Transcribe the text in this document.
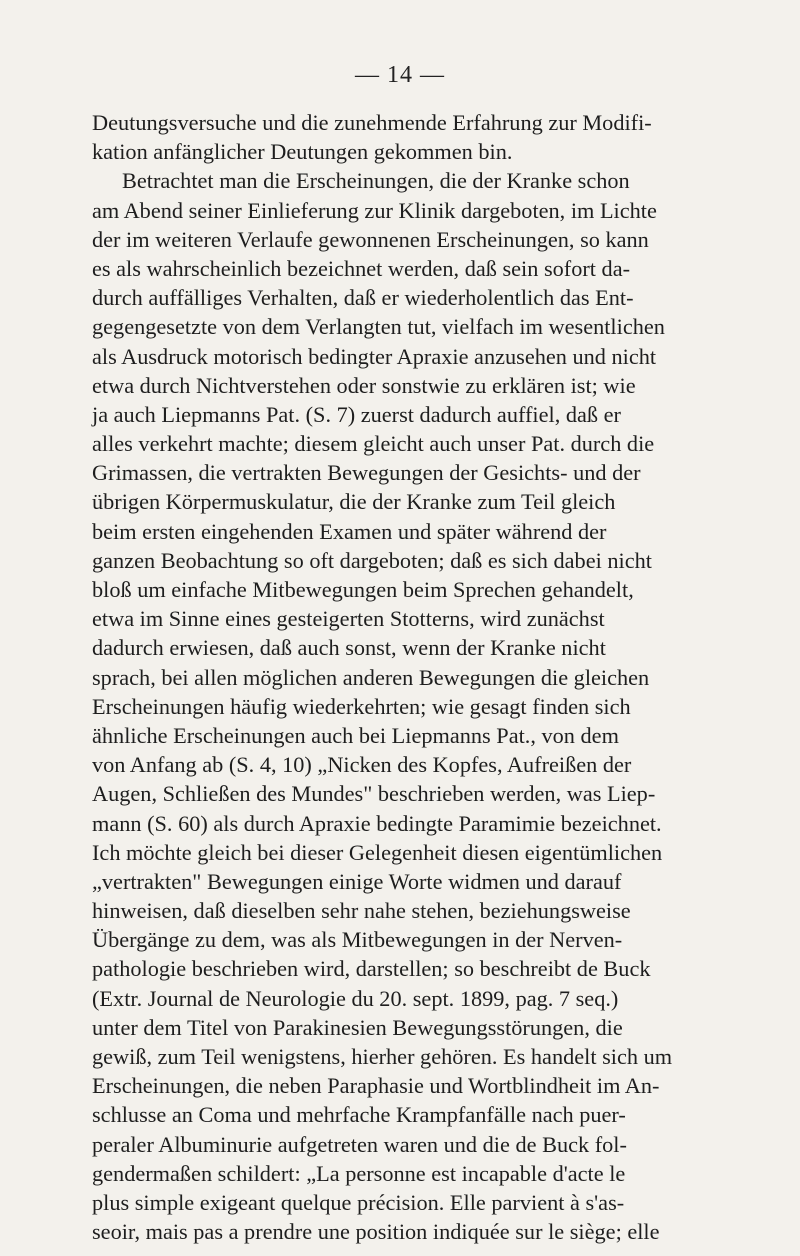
— 14 —
Deutungsversuche und die zunehmende Erfahrung zur Modifi-
kation anfänglicher Deutungen gekommen bin.
Betrachtet man die Erscheinungen, die der Kranke schon
am Abend seiner Einlieferung zur Klinik dargeboten, im Lichte
der im weiteren Verlaufe gewonnenen Erscheinungen, so kann
es als wahrscheinlich bezeichnet werden, daß sein sofort da-
durch auffälliges Verhalten, daß er wiederholentlich das Ent-
gegengesetzte von dem Verlangten tut, vielfach im wesentlichen
als Ausdruck motorisch bedingter Apraxie anzusehen und nicht
etwa durch Nichtverstehen oder sonstwie zu erklären ist; wie
ja auch Liepmanns Pat. (S. 7) zuerst dadurch auffiel, daß er
alles verkehrt machte; diesem gleicht auch unser Pat. durch die
Grimassen, die vertrakten Bewegungen der Gesichts- und der
übrigen Körpermuskulatur, die der Kranke zum Teil gleich
beim ersten eingehenden Examen und später während der
ganzen Beobachtung so oft dargeboten; daß es sich dabei nicht
bloß um einfache Mitbewegungen beim Sprechen gehandelt,
etwa im Sinne eines gesteigerten Stotterns, wird zunächst
dadurch erwiesen, daß auch sonst, wenn der Kranke nicht
sprach, bei allen möglichen anderen Bewegungen die gleichen
Erscheinungen häufig wiederkehrten; wie gesagt finden sich
ähnliche Erscheinungen auch bei Liepmanns Pat., von dem
von Anfang ab (S. 4, 10) „Nicken des Kopfes, Aufreißen der
Augen, Schließen des Mundes" beschrieben werden, was Liep-
mann (S. 60) als durch Apraxie bedingte Paramimie bezeichnet.
Ich möchte gleich bei dieser Gelegenheit diesen eigentümlichen
„vertrakten" Bewegungen einige Worte widmen und darauf
hinweisen, daß dieselben sehr nahe stehen, beziehungsweise
Übergänge zu dem, was als Mitbewegungen in der Nerven-
pathologie beschrieben wird, darstellen; so beschreibt de Buck
(Extr. Journal de Neurologie du 20. sept. 1899, pag. 7 seq.)
unter dem Titel von Parakinesien Bewegungsstörungen, die
gewiß, zum Teil wenigstens, hierher gehören. Es handelt sich um
Erscheinungen, die neben Paraphasie und Wortblindheit im An-
schlusse an Coma und mehrfache Krampfanfälle nach puer-
peraler Albuminurie aufgetreten waren und die de Buck fol-
gendermaßen schildert: „La personne est incapable d'acte le
plus simple exigeant quelque précision. Elle parvient à s'as-
seoir, mais pas a prendre une position indiquée sur le siège; elle
